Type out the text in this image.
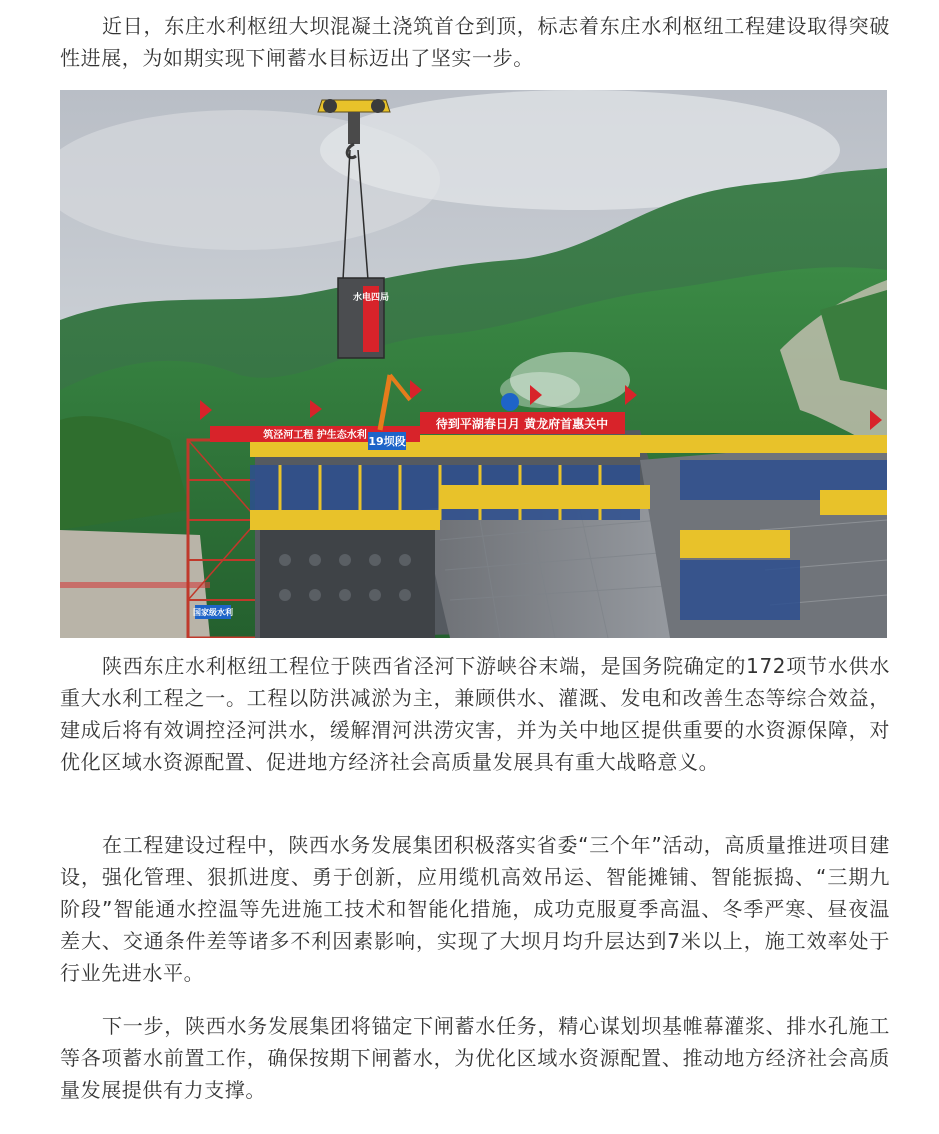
近日，东庄水利枢纽大坝混凝土浇筑首仓到顶，标志着东庄水利枢纽工程建设取得突破性进展，为如期实现下闸蓄水目标迈出了坚实一步。

待到平湖春日月 黄龙府首惠关中
筑泾河工程 护生态水利 19坝段
水电四局
国家级水利

陕西东庄水利枢纽工程位于陕西省泾河下游峡谷末端，是国务院确定的172项节水供水重大水利工程之一。工程以防洪减淤为主，兼顾供水、灌溉、发电和改善生态等综合效益，建成后将有效调控泾河洪水，缓解渭河洪涝灾害，并为关中地区提供重要的水资源保障，对优化区域水资源配置、促进地方经济社会高质量发展具有重大战略意义。

在工程建设过程中，陕西水务发展集团积极落实省委“三个年”活动，高质量推进项目建设，强化管理、狠抓进度、勇于创新，应用缆机高效吊运、智能摊铺、智能振捣、“三期九阶段”智能通水控温等先进施工技术和智能化措施，成功克服夏季高温、冬季严寒、昼夜温差大、交通条件差等诸多不利因素影响，实现了大坝月均升层达到7米以上，施工效率处于行业先进水平。

下一步，陕西水务发展集团将锚定下闸蓄水任务，精心谋划坝基帷幕灌浆、排水孔施工等各项蓄水前置工作，确保按期下闸蓄水，为优化区域水资源配置、推动地方经济社会高质量发展提供有力支撑。
